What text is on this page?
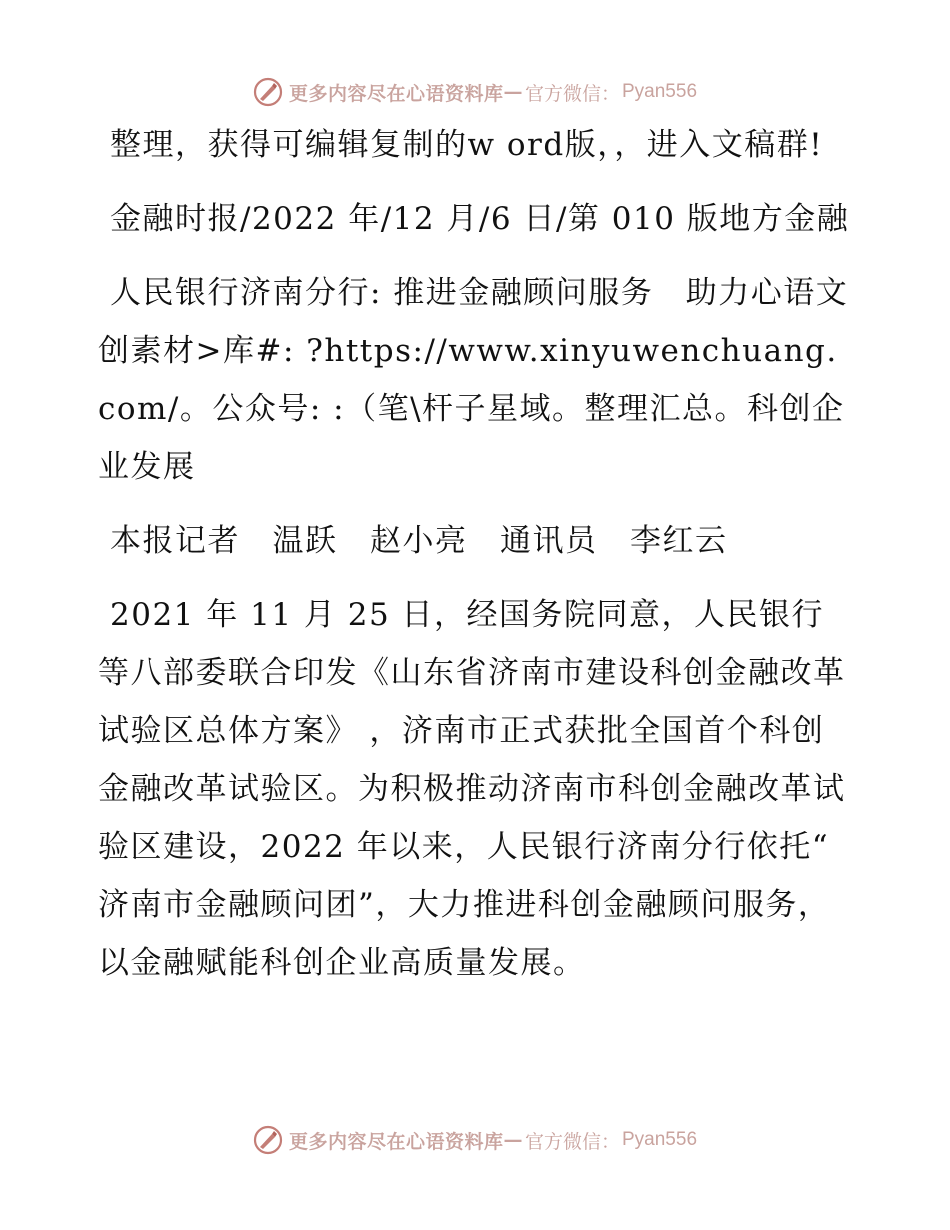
更多内容尽在心语资料库 — 官方微信： Pyan556

整理，获得可编辑复制的w ord版，，进入文稿群!

金融时报/2022 年/12 月/6 日/第 010 版地方金融

人民银行济南分行: 推进金融顾问服务　助力心语文创素材>库#: ?https://www.xinyuwenchuang.com/。公众号: :（笔\杆子星域。整理汇总。科创企业发展

本报记者　温跃　赵小亮　通讯员　李红云

2021 年 11 月 25 日，经国务院同意，人民银行等八部委联合印发《山东省济南市建设科创金融改革试验区总体方案》 ，济南市正式获批全国首个科创金融改革试验区。为积极推动济南市科创金融改革试验区建设，2022 年以来，人民银行济南分行依托“ 济南市金融顾问团”，大力推进科创金融顾问服务，以金融赋能科创企业高质量发展。

更多内容尽在心语资料库 — 官方微信： Pyan556
